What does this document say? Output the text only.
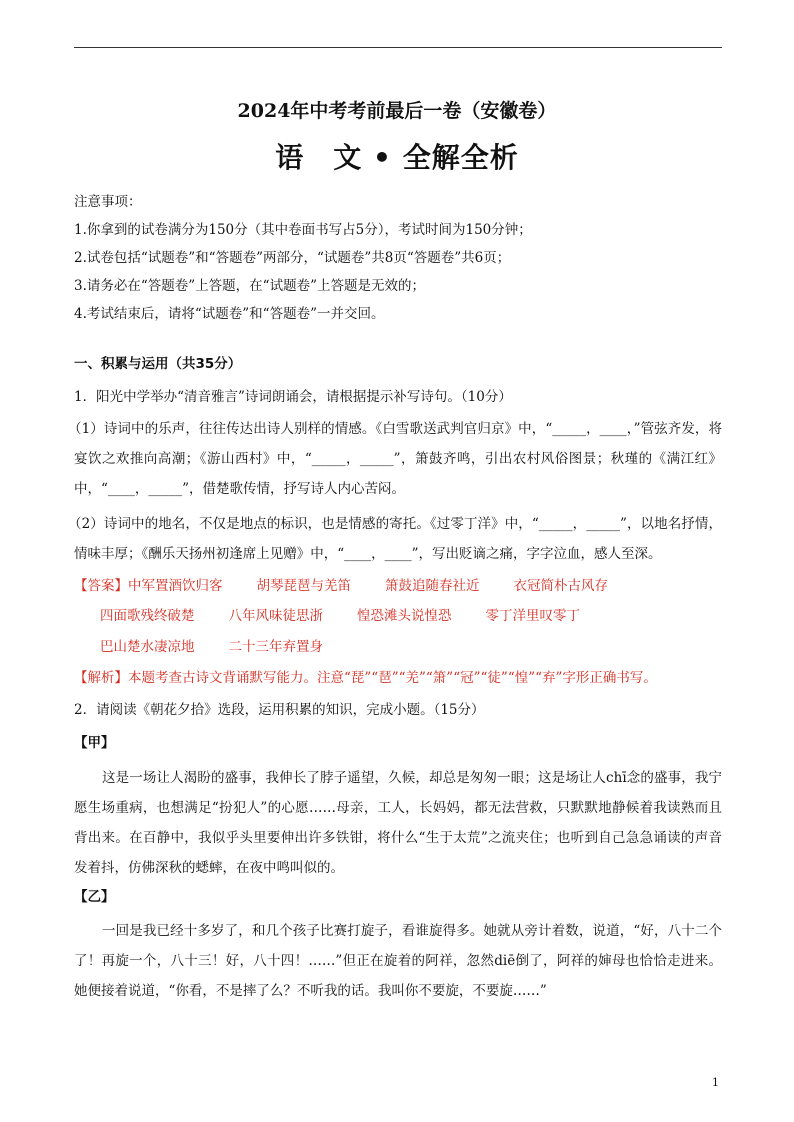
2024年中考考前最后一卷（安徽卷）
语　文 • 全解全析
注意事项：
1.你拿到的试卷满分为150分（其中卷面书写占5分），考试时间为150分钟；
2.试卷包括“试题卷”和“答题卷”两部分，“试题卷”共8页“答题卷”共6页；
3.请务必在“答题卷”上答题，在“试题卷”上答题是无效的；
4.考试结束后，请将“试题卷”和“答题卷”一并交回。
一、积累与运用（共35分）
1．阳光中学举办“清音雅言”诗词朗诵会，请根据提示补写诗句。（10分）
（1）诗词中的乐声，往往传达出诗人别样的情感。《白雪歌送武判官归京》中，“_____，____，”管弦齐发，将宴饮之欢推向高潮；《游山西村》中，“_____，_____”，箫鼓齐鸣，引出农村风俗图景；秋瑾的《满江红》中，“____，_____”，借楚歌传情，抒写诗人内心苦闷。
（2）诗词中的地名，不仅是地点的标识，也是情感的寄托。《过零丁洋》中，“_____，_____”，以地名抒情，情味丰厚；《酬乐天扬州初逢席上见赠》中，“____，____”，写出贬谪之痛，字字泣血，感人至深。
【答案】中军置酒饮归客	胡琴琵琶与羌笛	箫鼓追随春社近	衣冠简朴古风存
四面歌残终破楚	八年风味徒思浙	惶恐滩头说惶恐	零丁洋里叹零丁
巴山楚水凄凉地	二十三年弃置身
【解析】本题考查古诗文背诵默写能力。注意“琵”“琶”“羌”“箫”“冠”“徒”“惶”“弃”字形正确书写。
2．请阅读《朝花夕拾》选段，运用积累的知识，完成小题。（15分）
【甲】
这是一场让人渴盼的盛事，我伸长了脖子遥望，久候，却总是匆匆一眼；这是场让人chī念的盛事，我宁愿生场重病，也想满足“扮犯人”的心愿……母亲，工人，长妈妈，都无法营救，只默默地静候着我读熟而且背出来。在百静中，我似乎头里要伸出许多铁钳，将什么“生于太荒”之流夹住；也听到自己急急诵读的声音发着抖，仿佛深秋的蟋蟀，在夜中鸣叫似的。
【乙】
一回是我已经十多岁了，和几个孩子比赛打旋子，看谁旋得多。她就从旁计着数，说道，“好，八十二个了！再旋一个，八十三！好，八十四！……”但正在旋着的阿祥，忽然diē倒了，阿祥的婶母也恰恰走进来。她便接着说道，“你看，不是摔了么？不听我的话。我叫你不要旋，不要旋……”
1
